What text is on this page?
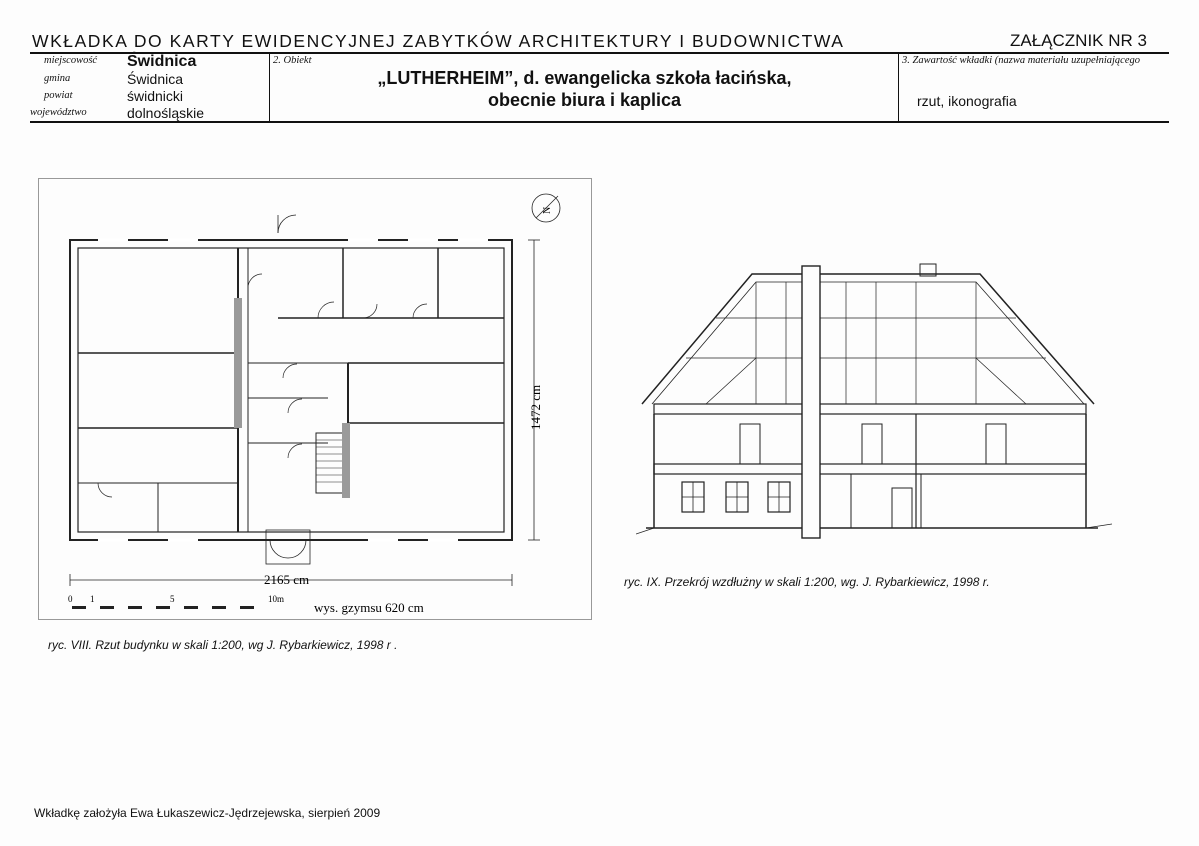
WKŁADKA DO KARTY EWIDENCYJNEJ ZABYTKÓW ARCHITEKTURY I BUDOWNICTWA	ZAŁĄCZNIK NR 3
miejscowość Świdnica
gmina	Świdnica
powiat	świdnicki
województwo	dolnośląskie
2. Obiekt
„LUTHERHEIM”, d. ewangelicka szkoła łacińska,
obecnie biura i kaplica
3. Zawartość wkładki (nazwa materiału uzupełniającego
rzut, ikonografia
0 1	5	10m
2165 cm
wys. gzymsu 620 cm
1472 cm
N
ryc. VIII. Rzut budynku w skali 1:200, wg J. Rybarkiewicz, 1998 r .
ryc. IX. Przekrój wzdłużny w skali 1:200, wg. J. Rybarkiewicz, 1998 r.
Wkładkę założyła Ewa Łukaszewicz-Jędrzejewska, sierpień 2009
